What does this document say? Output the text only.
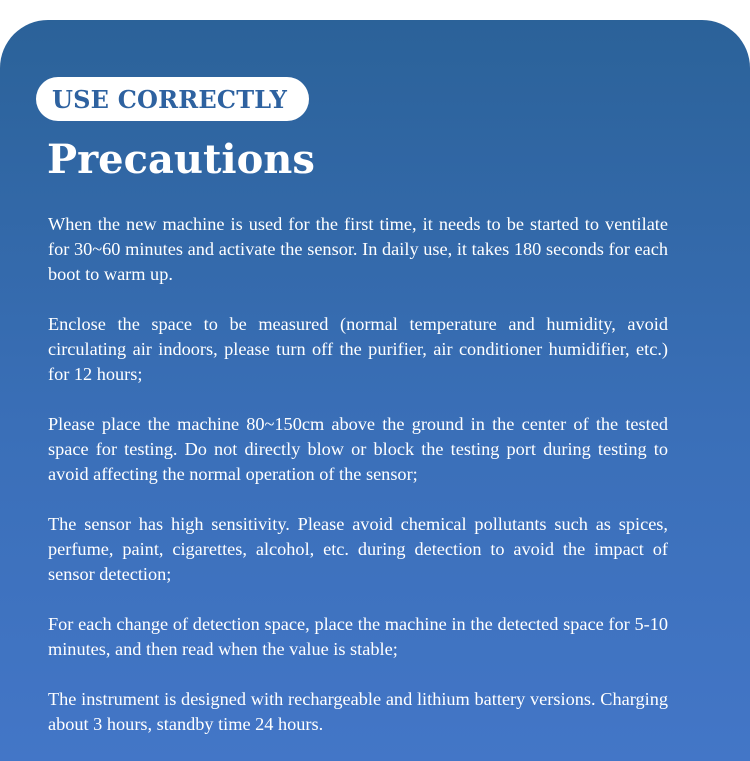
USE CORRECTLY
Precautions

When the new machine is used for the first time, it needs to be started to ventilate for 30~60 minutes and activate the sensor. In daily use, it takes 180 seconds for each boot to warm up.

Enclose the space to be measured (normal temperature and humidity, avoid circulating air indoors, please turn off the purifier, air conditioner humidifier, etc.) for 12 hours;

Please place the machine 80~150cm above the ground in the center of the tested space for testing. Do not directly blow or block the testing port during testing to avoid affecting the normal operation of the sensor;

The sensor has high sensitivity. Please avoid chemical pollutants such as spices, perfume, paint, cigarettes, alcohol, etc. during detection to avoid the impact of sensor detection;

For each change of detection space, place the machine in the detected space for 5-10 minutes, and then read when the value is stable;

The instrument is designed with rechargeable and lithium battery versions. Charging about 3 hours, standby time 24 hours.
